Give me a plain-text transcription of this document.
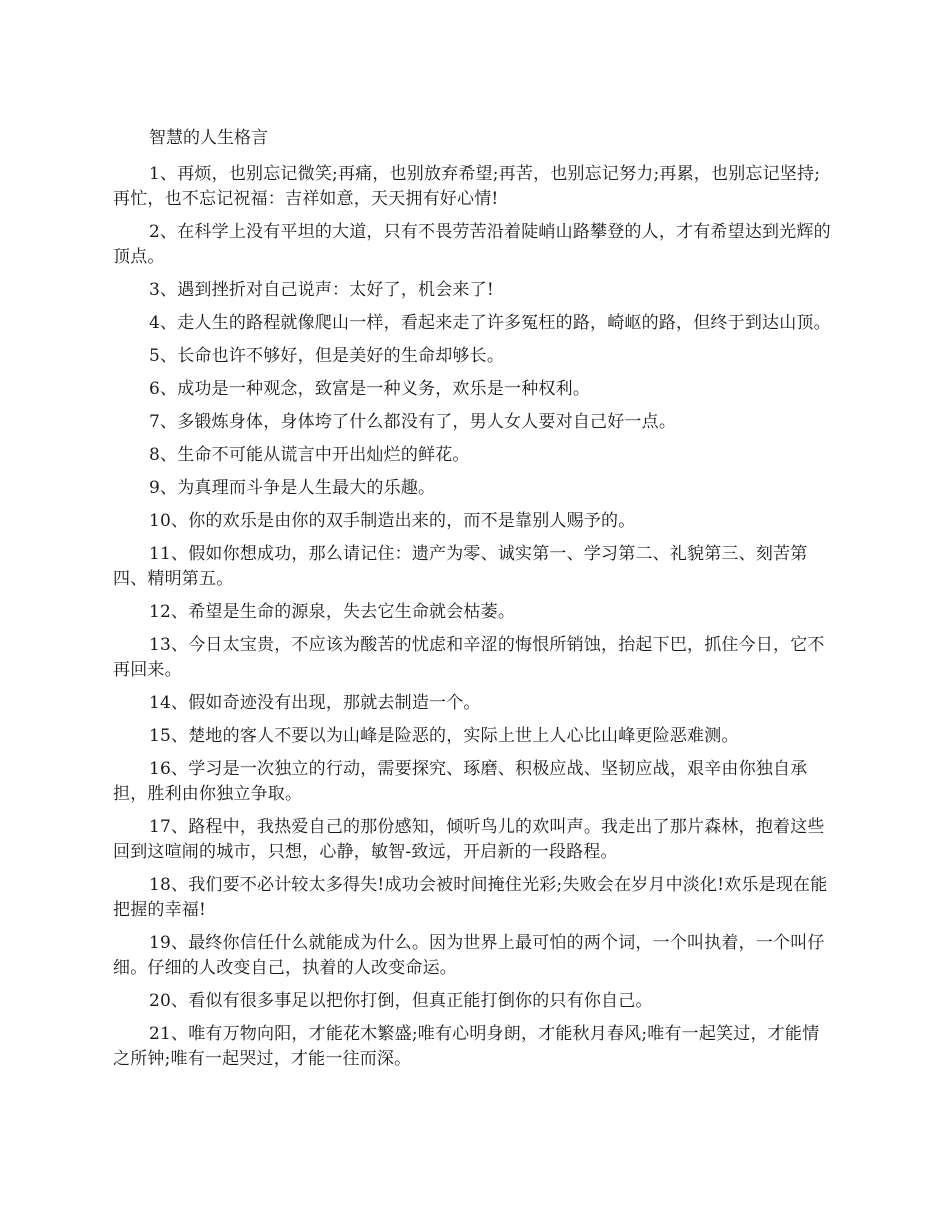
智慧的人生格言
1、再烦，也别忘记微笑;再痛，也别放弃希望;再苦，也别忘记努力;再累，也别忘记坚持;再忙，也不忘记祝福：吉祥如意，天天拥有好心情!
2、在科学上没有平坦的大道，只有不畏劳苦沿着陡峭山路攀登的人，才有希望达到光辉的顶点。
3、遇到挫折对自己说声：太好了，机会来了!
4、走人生的路程就像爬山一样，看起来走了许多冤枉的路，崎岖的路，但终于到达山顶。
5、长命也许不够好，但是美好的生命却够长。
6、成功是一种观念，致富是一种义务，欢乐是一种权利。
7、多锻炼身体，身体垮了什么都没有了，男人女人要对自己好一点。
8、生命不可能从谎言中开出灿烂的鲜花。
9、为真理而斗争是人生最大的乐趣。
10、你的欢乐是由你的双手制造出来的，而不是靠别人赐予的。
11、假如你想成功，那么请记住：遗产为零、诚实第一、学习第二、礼貌第三、刻苦第四、精明第五。
12、希望是生命的源泉，失去它生命就会枯萎。
13、今日太宝贵，不应该为酸苦的忧虑和辛涩的悔恨所销蚀，抬起下巴，抓住今日，它不再回来。
14、假如奇迹没有出现，那就去制造一个。
15、楚地的客人不要以为山峰是险恶的，实际上世上人心比山峰更险恶难测。
16、学习是一次独立的行动，需要探究、琢磨、积极应战、坚韧应战，艰辛由你独自承担，胜利由你独立争取。
17、路程中，我热爱自己的那份感知，倾听鸟儿的欢叫声。我走出了那片森林，抱着这些回到这喧闹的城市，只想，心静，敏智-致远，开启新的一段路程。
18、我们要不必计较太多得失!成功会被时间掩住光彩;失败会在岁月中淡化!欢乐是现在能把握的幸福!
19、最终你信任什么就能成为什么。因为世界上最可怕的两个词，一个叫执着，一个叫仔细。仔细的人改变自己，执着的人改变命运。
20、看似有很多事足以把你打倒，但真正能打倒你的只有你自己。
21、唯有万物向阳，才能花木繁盛;唯有心明身朗，才能秋月春风;唯有一起笑过，才能情之所钟;唯有一起哭过，才能一往而深。
